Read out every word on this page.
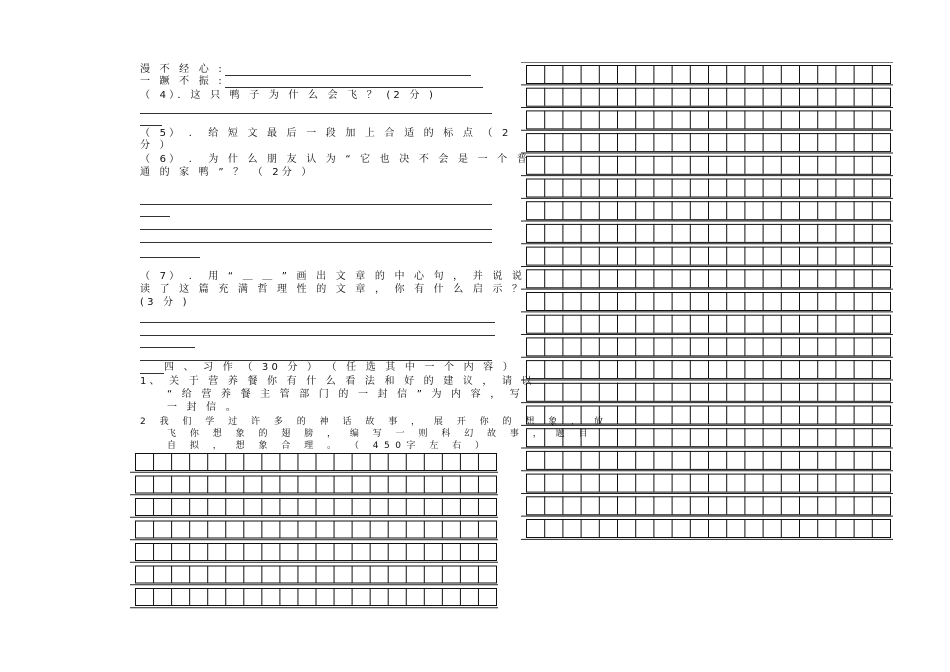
漫 不 经 心 :
一 蹶 不 振 :
（ 4）．这 只 鸭 子 为 什 么 会 飞 ？ (2 分 )
（ 5） ． 给 短 文 最 后 一 段 加 上 合 适 的 标 点 （ 2
分 ）
（ 6） ． 为 什 么 朋 友 认 为 “ 它 也 决 不 会 是 一 个 普
通 的 家 鸭 ” ？ （ 2分 ）
（ 7） ． 用 “ ＿ ＿ ” 画 出 文 章 的 中 心 句 ， 并 说 说
读 了 这 篇 充 满 哲 理 性 的 文 章 ， 你 有 什 么 启 示 ？
(3 分 )
四 、 习 作 （ 30 分 ） （ 任 选 其 中 一 个 内 容 ）
1、 关 于 营 养 餐 你 有 什 么 看 法 和 好 的 建 议 ， 请 以
“ 给 营 养 餐 主 管 部 门 的 一 封 信 ” 为 内 容 ， 写
一 封 信 。
2 我 们 学 过 许 多 的 神 话 故 事 ， 展 开 你 的 想 象 ， 放
飞 你 想 象 的 翅 膀 ， 编 写 一 则 科 幻 故 事 ， 题 目
自 拟 ， 想 象 合 理 。 （ 450字 左 右 ）
